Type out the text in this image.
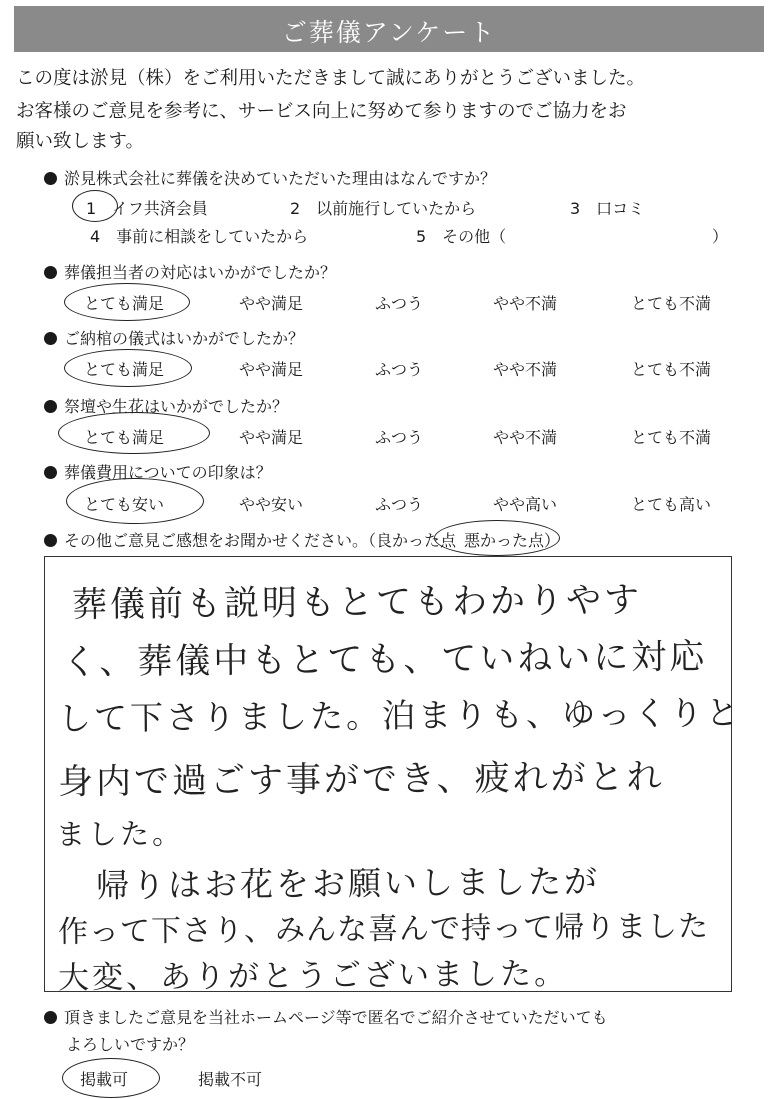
ご葬儀アンケート
この度は淤見（株）をご利用いただきまして誠にありがとうございました。
お客様のご意見を参考に、サービス向上に努めて参りますのでご協力をお
願い致します。
淤見株式会社に葬儀を決めていただいた理由はなんですか？
1　イフ共済会員	2　以前施行していたから	3　口コミ
4　事前に相談をしていたから	5　その他（	）
葬儀担当者の対応はいかがでしたか？
とても満足	やや満足	ふつう	やや不満	とても不満
ご納棺の儀式はいかがでしたか？
とても満足	やや満足	ふつう	やや不満	とても不満
祭壇や生花はいかがでしたか？
とても満足	やや満足	ふつう	やや不満	とても不満
葬儀費用についての印象は？
とても安い	やや安い	ふつう	やや高い	とても高い
その他ご意見ご感想をお聞かせください。（良かった点 悪かった点）
葬儀前も説明もとてもわかりやす
く、葬儀中もとても、ていねいに対応
して下さりました。泊まりも、ゆっくりと
身内で過ごす事ができ、疲れがとれ
ました。
　帰りはお花をお願いしましたが
作って下さり、みんな喜んで持って帰りました
大変、ありがとうございました。
頂きましたご意見を当社ホームページ等で匿名でご紹介させていただいても
よろしいですか？
掲載可	掲載不可
